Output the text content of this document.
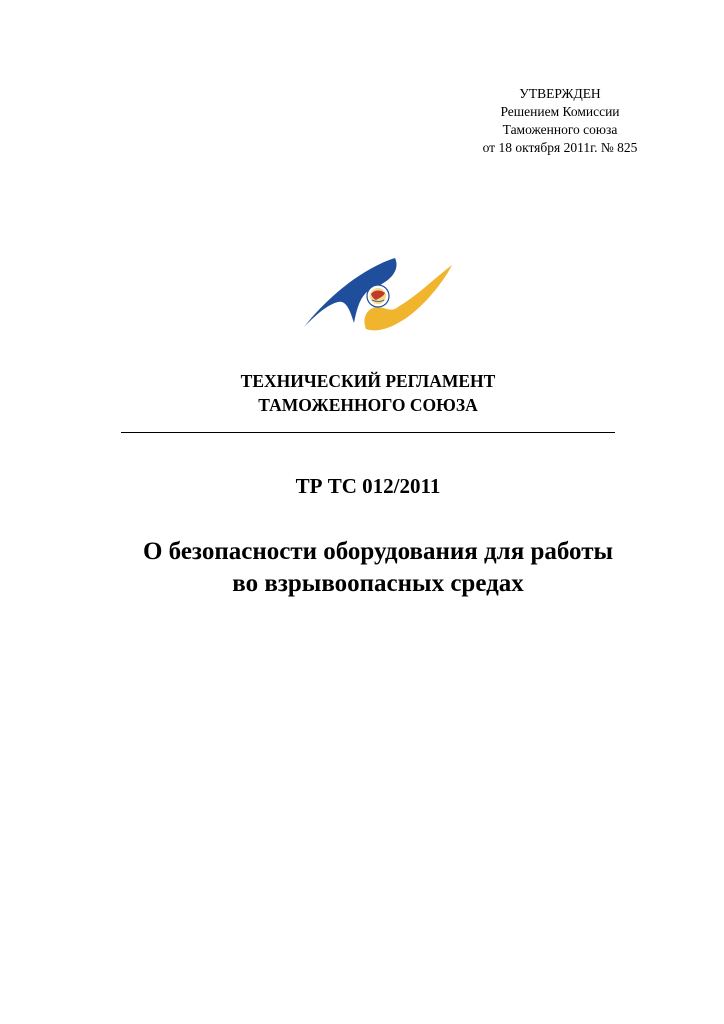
УТВЕРЖДЕН
Решением Комиссии
Таможенного союза
от 18 октября 2011г. № 825
ТЕХНИЧЕСКИЙ РЕГЛАМЕНТ
ТАМОЖЕННОГО СОЮЗА
ТР ТС 012/2011
О безопасности оборудования для работы
во взрывоопасных средах
